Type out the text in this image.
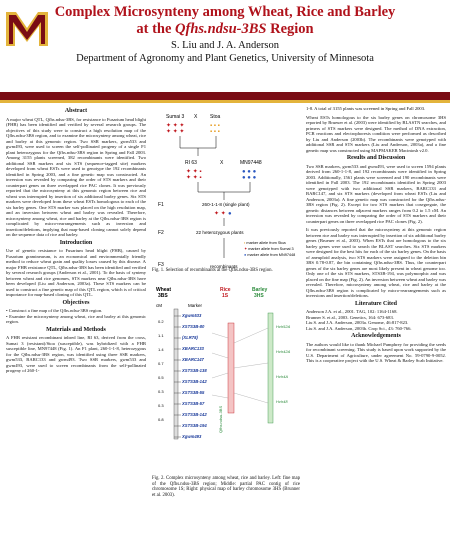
Complex Microsynteny among Wheat, Rice and Barley
at the Qfhs.ndsu-3BS Region
S. Liu and J. A. Anderson
Department of Agronomy and Plant Genetics, University of Minnesota
Abstract

A major wheat QTL, Qfhs.ndsu-3BS, for resistance to Fusarium head blight (FHB) has been identified and verified by several research groups. The objectives of this study were to construct a high resolution map of the Qfhs.ndsu-3BS region, and to examine the microsynteny among wheat, rice and barley at this genomic region. Two SSR markers, gwm533 and gwm493, were used to screen the self-pollinated progeny of a single F1 plant heterozygous for the Qfhs.ndsu-3BS region in Spring and Fall 2003. Among 3155 plants screened, 382 recombinants were identified. Two additional SSR markers and six STS (sequence-tagged site) markers developed from wheat ESTs were used to genotype the 192 recombinants identified in Spring 2003, and a fine genetic map was constructed. An inversion was revealed by comparing the order of STS markers and their counterpart genes on three overlapped rice PAC clones. It was previously reported that the microsynteny at this genomic region between rice and wheat was interrupted by insertion of six additional barley genes. Six STS markers were developed from these wheat ESTs homologous to each of the six barley genes. One STS marker was placed on the high resolution map, and an inversion between wheat and barley was revealed. Therefore, microsynteny among wheat, rice and barley at the Qfhs.ndsu-3BS region is complicated by micro-rearrangements such as inversion and insertion/deletions, implying that map-based cloning cannot solely depend on the sequence data of rice and barley.

Introduction

Use of genetic resistance to Fusarium head blight (FHB), caused by Fusarium graminearum, is an economical and environmentally friendly method to reduce wheat grain and quality losses caused by this disease. A major FHB resistance QTL, Qfhs.ndsu-3BS has been identified and verified by several research groups (Anderson et al., 2001). To the basis of synteny between wheat and rice genomes, STS markers near Qfhs.ndsu-3BS have been developed (Liu and Anderson, 2003a). These STS markers can be used to construct a fine genetic map of this QTL region, which is of critical importance for map-based cloning of this QTL.

Objectives

• Construct a fine map of the Qfhs.ndsu-3BS region.

• Examine the microsynteny among wheat, rice and barley at this genomic region.

Materials and Methods

A FHB resistant recombinant inbred line, RI 63, derived from the cross, Sumai 3 (resistant)/Stoa (susceptible), was hybridized with a FHB susceptible line, MN97448 (Fig. 1). An F1 plant, 260-1-1-8, heterozygous for the Qfhs.ndsu-3BS region, was identified using three SSR markers, gwm533, BARC133 and gwm493. Two SSR markers, gwm533 and gwm493, were used to screen recombinants from the self-pollinated progeny of 260-1-

Sumai 3 X	Stoa
✦ ✦ ✦
✦ ✦ ✦
▪ ▪ ▪
▪ ▪ ▪
RI 63	X	MN97448
✦ ✦ ▪
✦ ✦ ▪
● ● ●
● ● ●
F1	260-1-1-8 (single plant)
✦ ✦ ●
F2	22 heterozygous plants
F3	recombinants
▪ marker allele from Stoa
✦ marker allele from Sumai 3
● marker allele from MN97448
Fig. 1. Selection of recombinants at the Qfhs.ndsu-3BS region.
Wheat
3BS
Rice
1S
Barley
3HS
cM	Marker
Xgwm533
XSTS3B-80
(XLR78)
XBARC133
XBARC147
XSTS3B-138
XSTS3B-142
XSTS3B-55
XSTS3B-57
XSTS3B-142
XSTS3B-194
Xgwm493
0.2
1.1
1.4
0.7
0.5
0.3
0.3
0.8	Qfhs.ndsu-3BS
Hvh52A
Hvh42A
Hvh4A
Hvh48
Fig. 2. Complex microsynteny among wheat, rice and barley. Left: fine map of the Qfhs.ndsu-3BS region; Middle: partial PAC contig of rice chromosome 1S; Right: physical map of barley chromosome 3HS (Brunner et al. 2003).

1-8. A total of 3155 plants was screened in Spring and Fall 2003.

Wheat ESTs homologous to the six barley genes on chromosome 3HS reported by Brueuer et al. (2003) were identified by BLASTN searches, and primers of STS markers were designed. The method of DNA extraction, PCR reactions and electrophoresis condition were performed as described by Liu and Anderson (2003b). The recombinants were genotyped with additional SSR and STS markers (Liu and Anderson, 2003a), and a fine genetic map was constructed using MAPMAKER Macintosh v2.0.

Results and Discussion

Two SSR markers, gwm533 and gwm493, were used to screen 1594 plants derived from 260-1-1-8, and 192 recombinants were identified in Spring 2003. Additionally, 1561 plants were screened and 190 recombinants were identified in Fall 2003. The 192 recombinants identified in Spring 2003 were genotyped with two additional SSR markers, BARC133 and BARC147, and six STS markers (developed from wheat ESTs (Liu and Anderson, 2003a). A fine genetic map was constructed for the Qfhs.ndsu-3BS region (Fig. 2). Except for two STS markers that cosegregate, the genetic distances between adjacent markers ranges from 0.2 to 1.5 cM. An inversion was revealed by comparing the order of STS markers and their counterpart genes on three overlapped rice PAC clones (Fig. 2).

It was previously reported that the microsynteny at this genomic region between rice and barley was interrupted by insertion of six additional barley genes (Brueuer et al., 2003). When ESTs that are homologous to the six barley genes were used to search the BLAST searches. Six STS markers were designed for the best hits for each of the six barley genes. On the basis of aneuploid analysis, two STS markers were assigned to the deletion bin 3BS 0.78-0.87, the bin containing Qfhs.ndsu-3BS. Thus, the counterpart genes of the six barley genes are most likely present in wheat genome too. Only one of the six STS markers, STS3B-194, was polymorphic and was placed on the fine map (Fig. 2). An inversion between wheat and barley was revealed. Therefore, microsynteny among wheat, rice and barley at the Qfhs.ndsu-3BS region is complicated by micro-rearrangements such as inversions and insertion/deletions.

Literature Cited

Anderson J.A. et al., 2001. TAG, 102: 1164-1168.

Brunner S. et al., 2003. Genetics, 164: 673-683.

Liu S. and J.A. Anderson, 2003a. Genome, 46:817-823.

Liu S. and J.A. Anderson, 2003b. Crop Sci., 43: 760-766.

Acknowledgements

The authors would like to thank Michael Pumphrey for providing the seeds for recombinant screening. This study is based upon work supported by the U.S. Department of Agriculture, under agreement No. 59-0790-9-0052. This is a cooperative project with the U.S. Wheat & Barley Scab Initiative.
